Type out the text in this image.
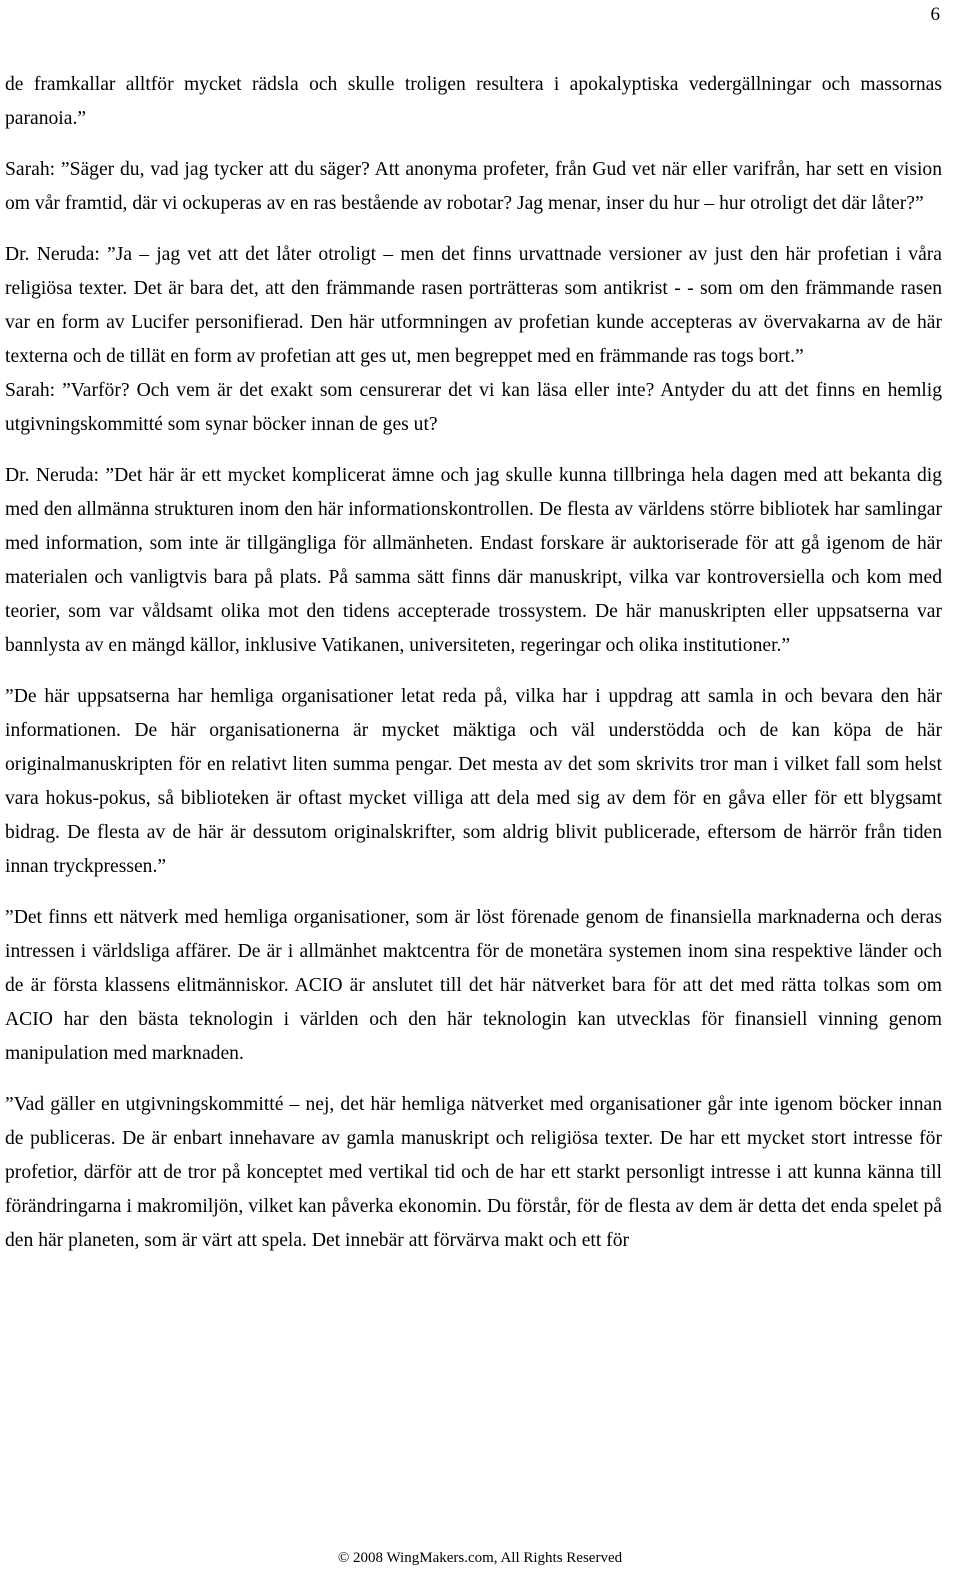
6

de framkallar alltför mycket rädsla och skulle troligen resultera i apokalyptiska vedergällningar och massornas paranoia.”

Sarah: ”Säger du, vad jag tycker att du säger? Att anonyma profeter, från Gud vet när eller varifrån, har sett en vision om vår framtid, där vi ockuperas av en ras bestående av robotar? Jag menar, inser du hur – hur otroligt det där låter?”

Dr. Neruda: ”Ja – jag vet att det låter otroligt – men det finns urvattnade versioner av just den här profetian i våra religiösa texter. Det är bara det, att den främmande rasen porträtteras som antikrist - - som om den främmande rasen var en form av Lucifer personifierad. Den här utformningen av profetian kunde accepteras av övervakarna av de här texterna och de tillät en form av profetian att ges ut, men begreppet med en främmande ras togs bort.”

Sarah: ”Varför? Och vem är det exakt som censurerar det vi kan läsa eller inte? Antyder du att det finns en hemlig utgivningskommitté som synar böcker innan de ges ut?

Dr. Neruda: ”Det här är ett mycket komplicerat ämne och jag skulle kunna tillbringa hela dagen med att bekanta dig med den allmänna strukturen inom den här informationskontrollen. De flesta av världens större bibliotek har samlingar med information, som inte är tillgängliga för allmänheten. Endast forskare är auktoriserade för att gå igenom de här materialen och vanligtvis bara på plats. På samma sätt finns där manuskript, vilka var kontroversiella och kom med teorier, som var våldsamt olika mot den tidens accepterade trossystem. De här manuskripten eller uppsatserna var bannlysta av en mängd källor, inklusive Vatikanen, universiteten, regeringar och olika institutioner.”

”De här uppsatserna har hemliga organisationer letat reda på, vilka har i uppdrag att samla in och bevara den här informationen. De här organisationerna är mycket mäktiga och väl understödda och de kan köpa de här originalmanuskripten för en relativt liten summa pengar. Det mesta av det som skrivits tror man i vilket fall som helst vara hokus-pokus, så biblioteken är oftast mycket villiga att dela med sig av dem för en gåva eller för ett blygsamt bidrag. De flesta av de här är dessutom originalskrifter, som aldrig blivit publicerade, eftersom de härrör från tiden innan tryckpressen.”

”Det finns ett nätverk med hemliga organisationer, som är löst förenade genom de finansiella marknaderna och deras intressen i världsliga affärer. De är i allmänhet maktcentra för de monetära systemen inom sina respektive länder och de är första klassens elitmänniskor. ACIO är anslutet till det här nätverket bara för att det med rätta tolkas som om ACIO har den bästa teknologin i världen och den här teknologin kan utvecklas för finansiell vinning genom manipulation med marknaden.

”Vad gäller en utgivningskommitté – nej, det här hemliga nätverket med organisationer går inte igenom böcker innan de publiceras. De är enbart innehavare av gamla manuskript och religiösa texter. De har ett mycket stort intresse för profetior, därför att de tror på konceptet med vertikal tid och de har ett starkt personligt intresse i att kunna känna till förändringarna i makromiljön, vilket kan påverka ekonomin. Du förstår, för de flesta av dem är detta det enda spelet på den här planeten, som är värt att spela. Det innebär att förvärva makt och ett för

© 2008 WingMakers.com, All Rights Reserved
